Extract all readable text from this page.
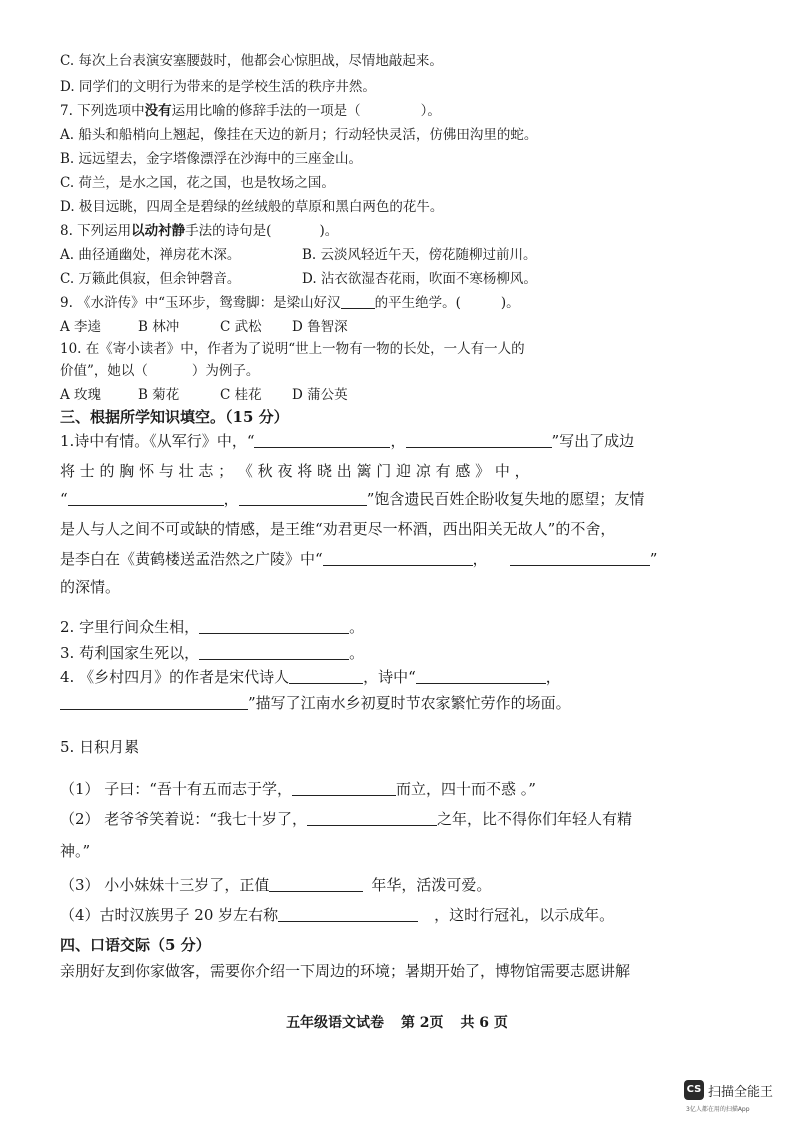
C. 每次上台表演安塞腰鼓时，他都会心惊胆战，尽情地敲起来。
D. 同学们的文明行为带来的是学校生活的秩序井然。
7. 下列选项中没有运用比喻的修辞手法的一项是（	）。
A. 船头和船梢向上翘起，像挂在天边的新月；行动轻快灵活，仿佛田沟里的蛇。
B. 远远望去，金字塔像漂浮在沙海中的三座金山。
C. 荷兰，是水之国，花之国，也是牧场之国。
D. 极目远眺，四周全是碧绿的丝绒般的草原和黑白两色的花牛。
8. 下列运用以动衬静手法的诗句是(	)。
A. 曲径通幽处，禅房花木深。	B. 云淡风轻近午天，傍花随柳过前川。
C. 万籁此俱寂，但余钟磬音。	D. 沾衣欲湿杏花雨，吹面不寒杨柳风。
9. 《水浒传》中“玉环步，鸳鸯脚：是梁山好汉	的平生绝学。(	)。
A 李逵	B 林冲	C 武松 D 鲁智深
10. 在《寄小读者》中，作者为了说明“世上一物有一物的长处，一人有一人的
价值”，她以（	）为例子。
A 玫瑰	B 菊花	C 桂花 D 蒲公英
三、根据所学知识填空。（15 分）
1.诗中有情。《从军行》中，“	，	”写出了成边
将 士 的 胸 怀 与 壮 志 ； 《 秋 夜 将 晓 出 篱 门 迎 凉 有 感 》 中 ，
“	，	”饱含遗民百姓企盼收复失地的愿望；友情
是人与人之间不可或缺的情感，是王维“劝君更尽一杯酒，西出阳关无故人”的不舍，
是李白在《黄鹤楼送孟浩然之广陵》中“	，	”
的深情。
2. 字里行间众生相，	。
3. 苟利国家生死以，	。
4. 《乡村四月》的作者是宋代诗人	，诗中“	，
”描写了江南水乡初夏时节农家繁忙劳作的场面。
5. 日积月累
（1） 子曰：“吾十有五而志于学，	而立，四十而不惑 。”
（2） 老爷爷笑着说：“我七十岁了，	之年，比不得你们年轻人有精
神。”
（3） 小小妹妹十三岁了，正值	年华，活泼可爱。
（4）古时汉族男子 20 岁左右称	，这时行冠礼，以示成年。
四、口语交际（5 分）
亲朋好友到你家做客，需要你介绍一下周边的环境；暑期开始了，博物馆需要志愿讲解
五年级语文试卷 第 2页 共 6 页
CS 扫描全能王
3亿人都在用的扫描App
